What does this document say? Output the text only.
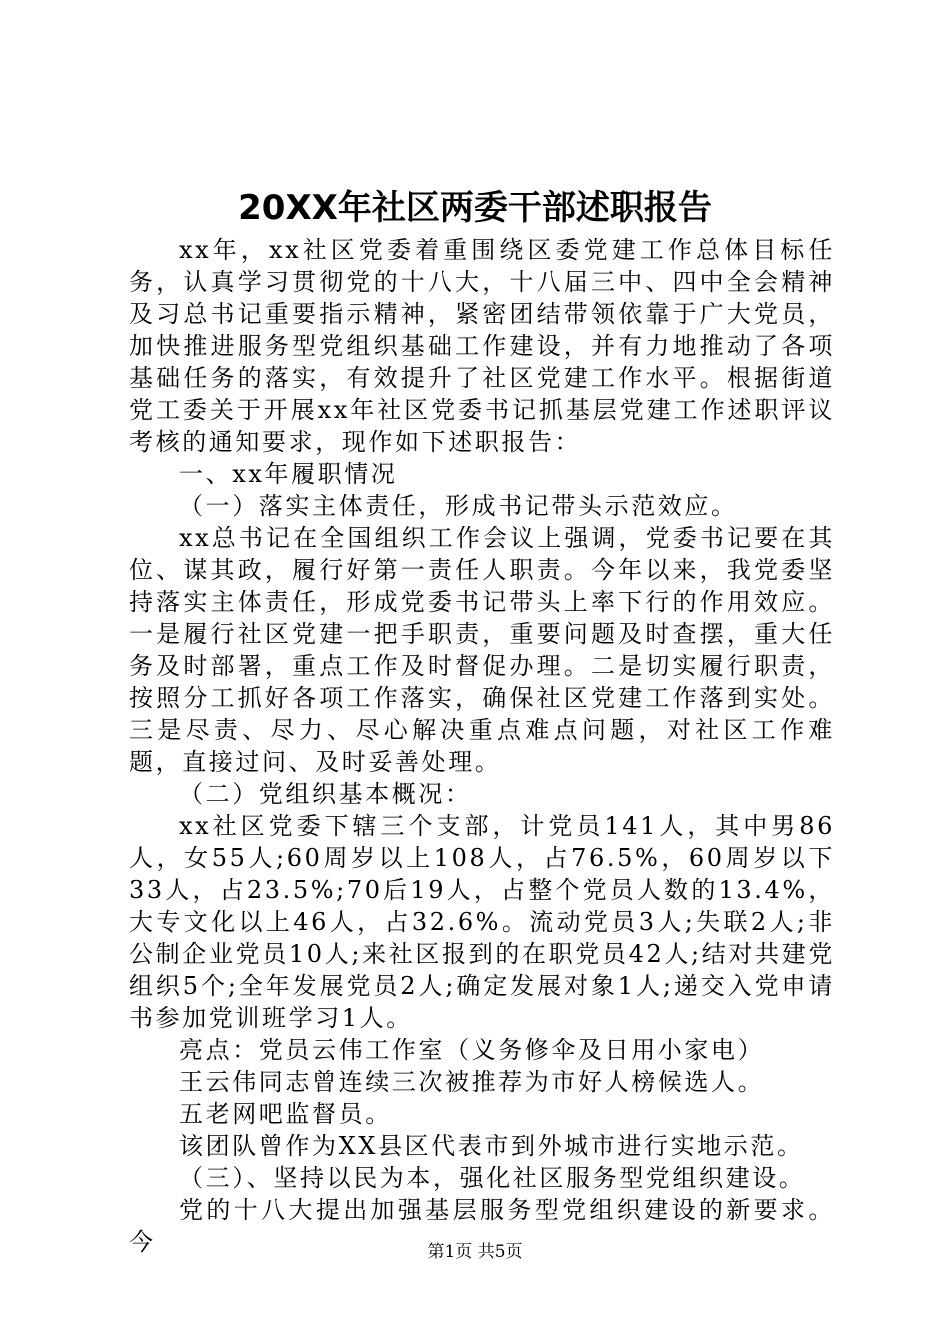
20XX年社区两委干部述职报告

xx年，xx社区党委着重围绕区委党建工作总体目标任务，认真学习贯彻党的十八大，十八届三中、四中全会精神及习总书记重要指示精神，紧密团结带领依靠于广大党员，加快推进服务型党组织基础工作建设，并有力地推动了各项基础任务的落实，有效提升了社区党建工作水平。根据街道党工委关于开展xx年社区党委书记抓基层党建工作述职评议考核的通知要求，现作如下述职报告：

一、xx年履职情况

（一）落实主体责任，形成书记带头示范效应。

xx总书记在全国组织工作会议上强调，党委书记要在其位、谋其政，履行好第一责任人职责。今年以来，我党委坚持落实主体责任，形成党委书记带头上率下行的作用效应。一是履行社区党建一把手职责，重要问题及时查摆，重大任务及时部署，重点工作及时督促办理。二是切实履行职责，按照分工抓好各项工作落实，确保社区党建工作落到实处。三是尽责、尽力、尽心解决重点难点问题，对社区工作难题，直接过问、及时妥善处理。

（二）党组织基本概况：

xx社区党委下辖三个支部，计党员141人，其中男86人，女55人;60周岁以上108人，占76.5%，60周岁以下33人，占23.5%;70后19人，占整个党员人数的13.4%，大专文化以上46人，占32.6%。流动党员3人;失联2人;非公制企业党员10人;来社区报到的在职党员42人;结对共建党组织5个;全年发展党员2人;确定发展对象1人;递交入党申请书参加党训班学习1人。

亮点：党员云伟工作室（义务修伞及日用小家电）

王云伟同志曾连续三次被推荐为市好人榜候选人。

五老网吧监督员。

该团队曾作为XX县区代表市到外城市进行实地示范。

（三）、坚持以民为本，强化社区服务型党组织建设。

党的十八大提出加强基层服务型党组织建设的新要求。今	第1页 共5页
